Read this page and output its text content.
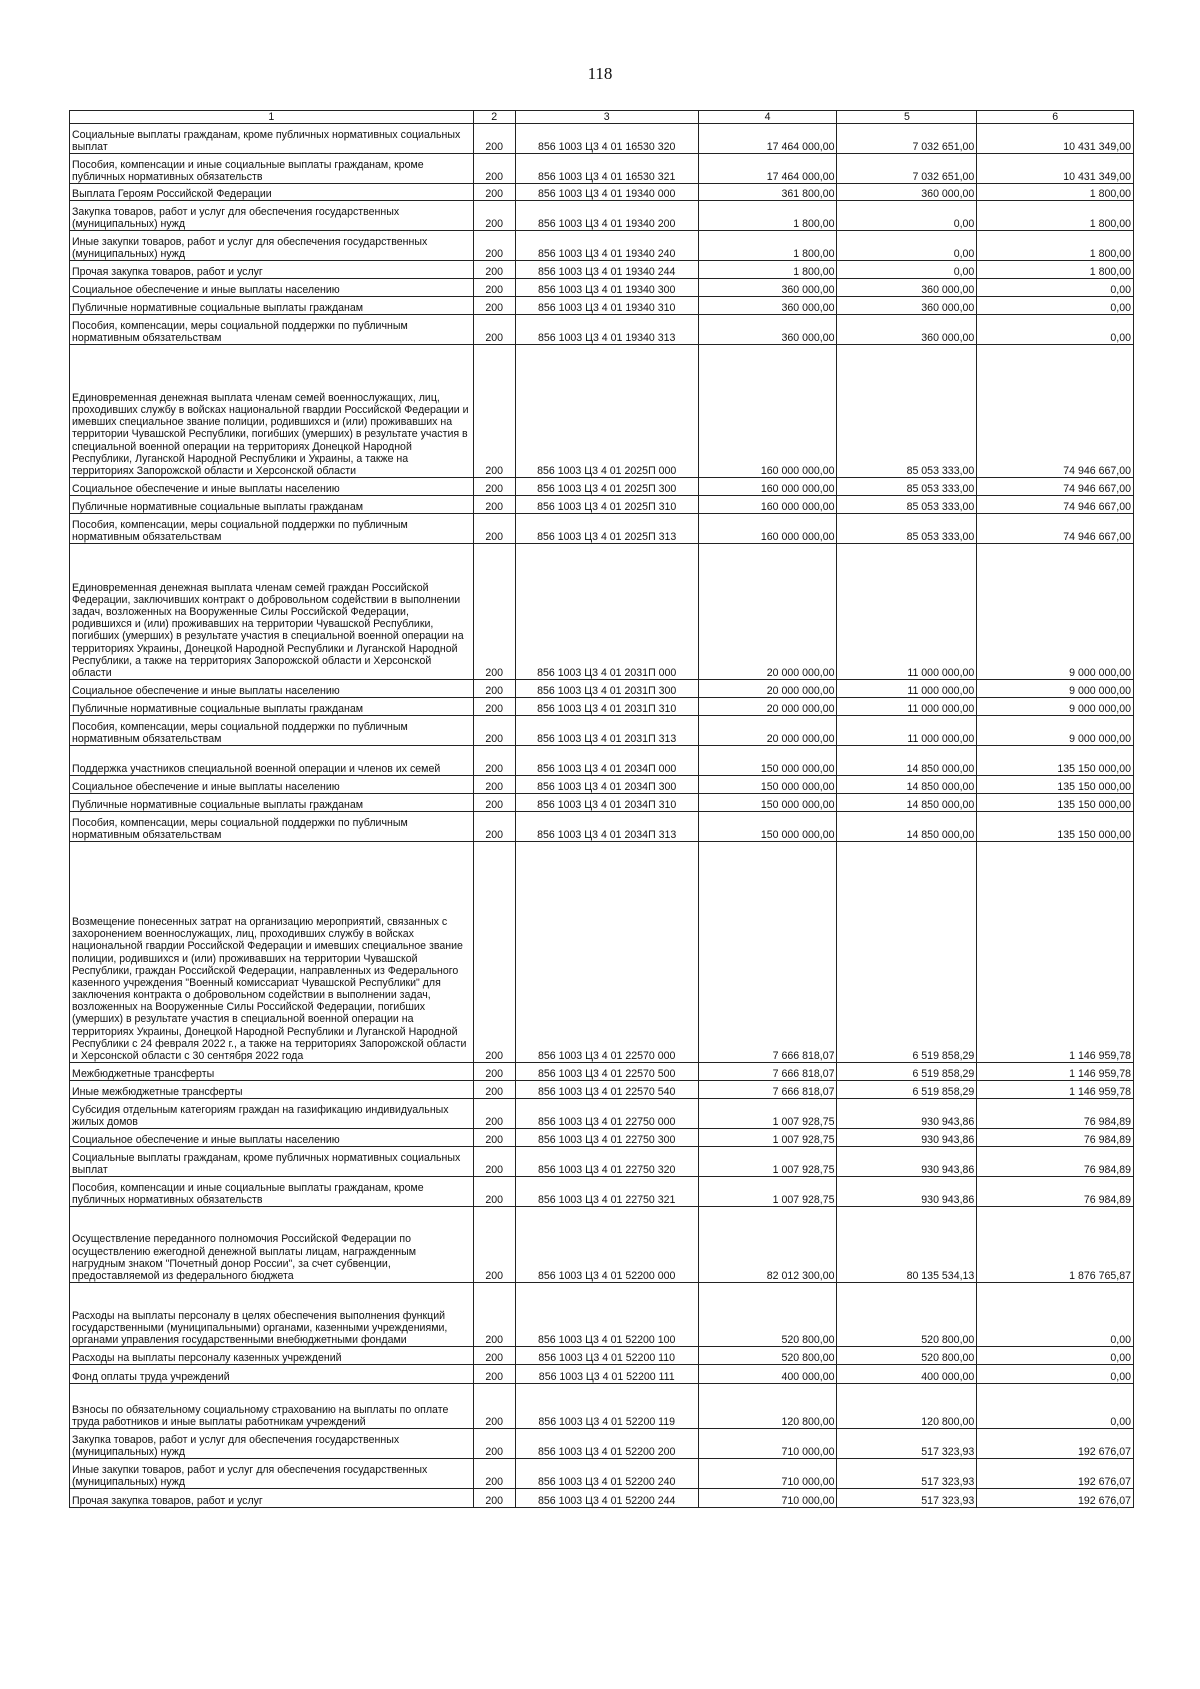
118
1	2	3	4	5	6
Социальные выплаты гражданам, кроме публичных нормативных социальных выплат	200	856 1003 Ц3 4 01 16530 320	17 464 000,00	7 032 651,00	10 431 349,00
Пособия, компенсации и иные социальные выплаты гражданам, кроме публичных нормативных обязательств	200	856 1003 Ц3 4 01 16530 321	17 464 000,00	7 032 651,00	10 431 349,00
Выплата Героям Российской Федерации	200	856 1003 Ц3 4 01 19340 000	361 800,00	360 000,00	1 800,00
Закупка товаров, работ и услуг для обеспечения государственных (муниципальных) нужд	200	856 1003 Ц3 4 01 19340 200	1 800,00	0,00	1 800,00
Иные закупки товаров, работ и услуг для обеспечения государственных (муниципальных) нужд	200	856 1003 Ц3 4 01 19340 240	1 800,00	0,00	1 800,00
Прочая закупка товаров, работ и услуг	200	856 1003 Ц3 4 01 19340 244	1 800,00	0,00	1 800,00
Социальное обеспечение и иные выплаты населению	200	856 1003 Ц3 4 01 19340 300	360 000,00	360 000,00	0,00
Публичные нормативные социальные выплаты гражданам	200	856 1003 Ц3 4 01 19340 310	360 000,00	360 000,00	0,00
Пособия, компенсации, меры социальной поддержки по публичным нормативным обязательствам	200	856 1003 Ц3 4 01 19340 313	360 000,00	360 000,00	0,00
Единовременная денежная выплата членам семей военнослужащих, лиц, проходивших службу в войсках национальной гвардии Российской Федерации и имевших специальное звание полиции, родившихся и (или) проживавших на территории Чувашской Республики, погибших (умерших) в результате участия в специальной военной операции на территориях Донецкой Народной Республики, Луганской Народной Республики и Украины, а также на территориях Запорожской области и Херсонской области	200	856 1003 Ц3 4 01 2025П 000	160 000 000,00	85 053 333,00	74 946 667,00
Социальное обеспечение и иные выплаты населению	200	856 1003 Ц3 4 01 2025П 300	160 000 000,00	85 053 333,00	74 946 667,00
Публичные нормативные социальные выплаты гражданам	200	856 1003 Ц3 4 01 2025П 310	160 000 000,00	85 053 333,00	74 946 667,00
Пособия, компенсации, меры социальной поддержки по публичным нормативным обязательствам	200	856 1003 Ц3 4 01 2025П 313	160 000 000,00	85 053 333,00	74 946 667,00
Единовременная денежная выплата членам семей граждан Российской Федерации, заключивших контракт о добровольном содействии в выполнении задач, возложенных на Вооруженные Силы Российской Федерации, родившихся и (или) проживавших на территории Чувашской Республики, погибших (умерших) в результате участия в специальной военной операции на территориях Украины, Донецкой Народной Республики и Луганской Народной Республики, а также на территориях Запорожской области и Херсонской области	200	856 1003 Ц3 4 01 2031П 000	20 000 000,00	11 000 000,00	9 000 000,00
Социальное обеспечение и иные выплаты населению	200	856 1003 Ц3 4 01 2031П 300	20 000 000,00	11 000 000,00	9 000 000,00
Публичные нормативные социальные выплаты гражданам	200	856 1003 Ц3 4 01 2031П 310	20 000 000,00	11 000 000,00	9 000 000,00
Пособия, компенсации, меры социальной поддержки по публичным нормативным обязательствам	200	856 1003 Ц3 4 01 2031П 313	20 000 000,00	11 000 000,00	9 000 000,00
Поддержка участников специальной военной операции и членов их семей	200	856 1003 Ц3 4 01 2034П 000	150 000 000,00	14 850 000,00	135 150 000,00
Социальное обеспечение и иные выплаты населению	200	856 1003 Ц3 4 01 2034П 300	150 000 000,00	14 850 000,00	135 150 000,00
Публичные нормативные социальные выплаты гражданам	200	856 1003 Ц3 4 01 2034П 310	150 000 000,00	14 850 000,00	135 150 000,00
Пособия, компенсации, меры социальной поддержки по публичным нормативным обязательствам	200	856 1003 Ц3 4 01 2034П 313	150 000 000,00	14 850 000,00	135 150 000,00
Возмещение понесенных затрат на организацию мероприятий, связанных с захоронением военнослужащих, лиц, проходивших службу в войсках национальной гвардии Российской Федерации и имевших специальное звание полиции, родившихся и (или) проживавших на территории Чувашской Республики, граждан Российской Федерации, направленных из Федерального казенного учреждения "Военный комиссариат Чувашской Республики" для заключения контракта о добровольном содействии в выполнении задач, возложенных на Вооруженные Силы Российской Федерации, погибших (умерших) в результате участия в специальной военной операции на территориях Украины, Донецкой Народной Республики и Луганской Народной Республики с 24 февраля 2022 г., а также на территориях Запорожской области и Херсонской области с 30 сентября 2022 года	200	856 1003 Ц3 4 01 22570 000	7 666 818,07	6 519 858,29	1 146 959,78
Межбюджетные трансферты	200	856 1003 Ц3 4 01 22570 500	7 666 818,07	6 519 858,29	1 146 959,78
Иные межбюджетные трансферты	200	856 1003 Ц3 4 01 22570 540	7 666 818,07	6 519 858,29	1 146 959,78
Субсидия отдельным категориям граждан на газификацию индивидуальных жилых домов	200	856 1003 Ц3 4 01 22750 000	1 007 928,75	930 943,86	76 984,89
Социальное обеспечение и иные выплаты населению	200	856 1003 Ц3 4 01 22750 300	1 007 928,75	930 943,86	76 984,89
Социальные выплаты гражданам, кроме публичных нормативных социальных выплат	200	856 1003 Ц3 4 01 22750 320	1 007 928,75	930 943,86	76 984,89
Пособия, компенсации и иные социальные выплаты гражданам, кроме публичных нормативных обязательств	200	856 1003 Ц3 4 01 22750 321	1 007 928,75	930 943,86	76 984,89
Осуществление переданного полномочия Российской Федерации по осуществлению ежегодной денежной выплаты лицам, награжденным нагрудным знаком "Почетный донор России", за счет субвенции, предоставляемой из федерального бюджета	200	856 1003 Ц3 4 01 52200 000	82 012 300,00	80 135 534,13	1 876 765,87
Расходы на выплаты персоналу в целях обеспечения выполнения функций государственными (муниципальными) органами, казенными учреждениями, органами управления государственными внебюджетными фондами	200	856 1003 Ц3 4 01 52200 100	520 800,00	520 800,00	0,00
Расходы на выплаты персоналу казенных учреждений	200	856 1003 Ц3 4 01 52200 110	520 800,00	520 800,00	0,00
Фонд оплаты труда учреждений	200	856 1003 Ц3 4 01 52200 111	400 000,00	400 000,00	0,00
Взносы по обязательному социальному страхованию на выплаты по оплате труда работников и иные выплаты работникам учреждений	200	856 1003 Ц3 4 01 52200 119	120 800,00	120 800,00	0,00
Закупка товаров, работ и услуг для обеспечения государственных (муниципальных) нужд	200	856 1003 Ц3 4 01 52200 200	710 000,00	517 323,93	192 676,07
Иные закупки товаров, работ и услуг для обеспечения государственных (муниципальных) нужд	200	856 1003 Ц3 4 01 52200 240	710 000,00	517 323,93	192 676,07
Прочая закупка товаров, работ и услуг	200	856 1003 Ц3 4 01 52200 244	710 000,00	517 323,93	192 676,07
